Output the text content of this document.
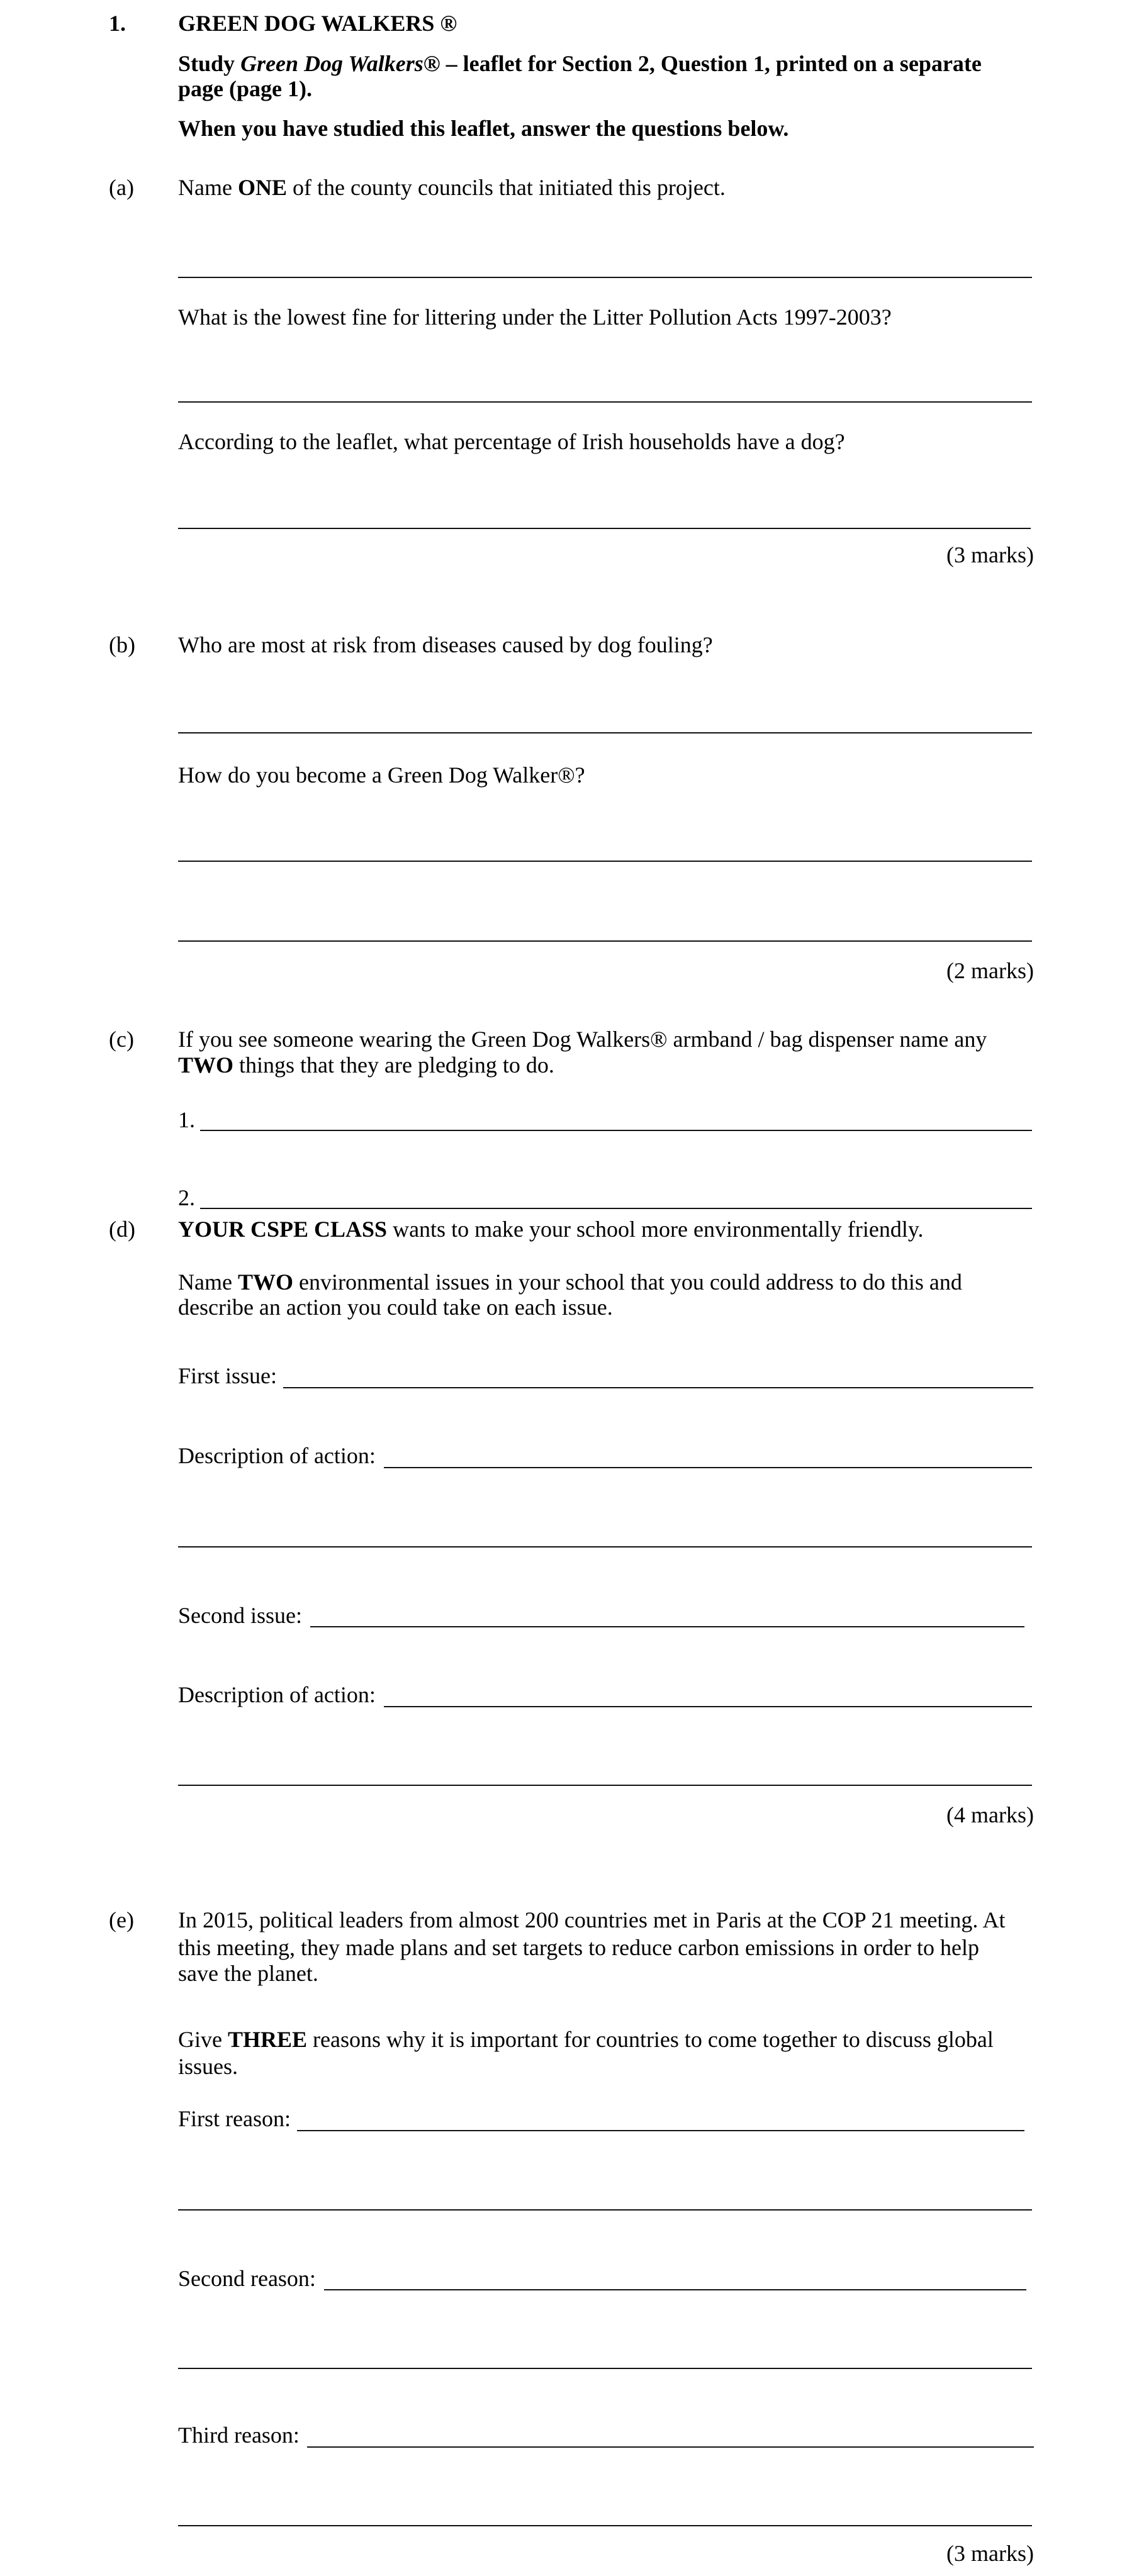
1. GREEN DOG WALKERS ®
Study Green Dog Walkers® – leaflet for Section 2, Question 1, printed on a separate
page (page 1).
When you have studied this leaflet, answer the questions below.
(a) Name ONE of the county councils that initiated this project.
What is the lowest fine for littering under the Litter Pollution Acts 1997-2003?
According to the leaflet, what percentage of Irish households have a dog?
(3 marks)
(b) Who are most at risk from diseases caused by dog fouling?
How do you become a Green Dog Walker®?
(2 marks)
(c) If you see someone wearing the Green Dog Walkers® armband / bag dispenser name any
TWO things that they are pledging to do.
1.
2.
(d) YOUR CSPE CLASS wants to make your school more environmentally friendly.
Name TWO environmental issues in your school that you could address to do this and
describe an action you could take on each issue.
First issue:
Description of action:
Second issue:
Description of action:
(4 marks)
(e) In 2015, political leaders from almost 200 countries met in Paris at the COP 21 meeting. At
this meeting, they made plans and set targets to reduce carbon emissions in order to help
save the planet.
Give THREE reasons why it is important for countries to come together to discuss global
issues.
First reason:
Second reason:
Third reason:
(3 marks)
